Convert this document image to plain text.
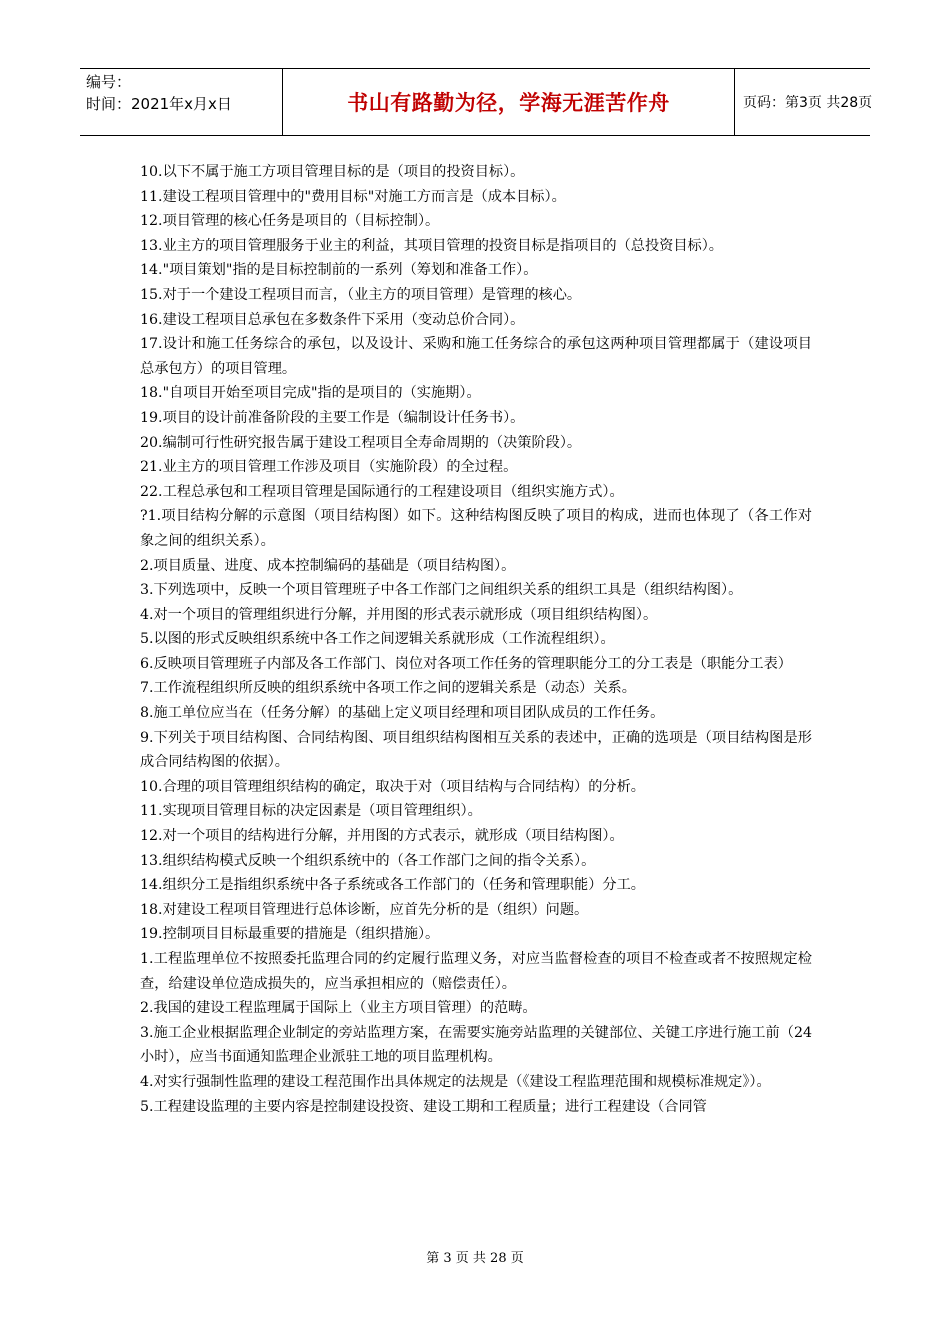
编号：
时间：2021年x月x日	书山有路勤为径，学海无涯苦作舟	页码：第3页 共28页

10.以下不属于施工方项目管理目标的是（项目的投资目标）。

11.建设工程项目管理中的"费用目标"对施工方而言是（成本目标）。

12.项目管理的核心任务是项目的（目标控制）。

13.业主方的项目管理服务于业主的利益，其项目管理的投资目标是指项目的（总投资目标）。

14."项目策划"指的是目标控制前的一系列（筹划和准备工作）。

15.对于一个建设工程项目而言，（业主方的项目管理）是管理的核心。

16.建设工程项目总承包在多数条件下采用（变动总价合同）。

17.设计和施工任务综合的承包，以及设计、采购和施工任务综合的承包这两种项目管理都属于（建设项目总承包方）的项目管理。

18."自项目开始至项目完成"指的是项目的（实施期）。

19.项目的设计前准备阶段的主要工作是（编制设计任务书）。

20.编制可行性研究报告属于建设工程项目全寿命周期的（决策阶段）。

21.业主方的项目管理工作涉及项目（实施阶段）的全过程。

22.工程总承包和工程项目管理是国际通行的工程建设项目（组织实施方式）。

?1.项目结构分解的示意图（项目结构图）如下。这种结构图反映了项目的构成，进而也体现了（各工作对象之间的组织关系）。

2.项目质量、进度、成本控制编码的基础是（项目结构图）。

3.下列选项中，反映一个项目管理班子中各工作部门之间组织关系的组织工具是（组织结构图）。

4.对一个项目的管理组织进行分解，并用图的形式表示就形成（项目组织结构图）。

5.以图的形式反映组织系统中各工作之间逻辑关系就形成（工作流程组织）。

6.反映项目管理班子内部及各工作部门、岗位对各项工作任务的管理职能分工的分工表是（职能分工表）

7.工作流程组织所反映的组织系统中各项工作之间的逻辑关系是（动态）关系。

8.施工单位应当在（任务分解）的基础上定义项目经理和项目团队成员的工作任务。

9.下列关于项目结构图、合同结构图、项目组织结构图相互关系的表述中，正确的选项是（项目结构图是形成合同结构图的依据）。

10.合理的项目管理组织结构的确定，取决于对（项目结构与合同结构）的分析。

11.实现项目管理目标的决定因素是（项目管理组织）。

12.对一个项目的结构进行分解，并用图的方式表示，就形成（项目结构图）。

13.组织结构模式反映一个组织系统中的（各工作部门之间的指令关系）。

14.组织分工是指组织系统中各子系统或各工作部门的（任务和管理职能）分工。

18.对建设工程项目管理进行总体诊断，应首先分析的是（组织）问题。

19.控制项目目标最重要的措施是（组织措施）。

1.工程监理单位不按照委托监理合同的约定履行监理义务，对应当监督检查的项目不检查或者不按照规定检查，给建设单位造成损失的，应当承担相应的（赔偿责任）。

2.我国的建设工程监理属于国际上（业主方项目管理）的范畴。

3.施工企业根据监理企业制定的旁站监理方案，在需要实施旁站监理的关键部位、关键工序进行施工前（24小时），应当书面通知监理企业派驻工地的项目监理机构。

4.对实行强制性监理的建设工程范围作出具体规定的法规是（《建设工程监理范围和规模标准规定》）。

5.工程建设监理的主要内容是控制建设投资、建设工期和工程质量；进行工程建设（合同管

第 3 页 共 28 页
